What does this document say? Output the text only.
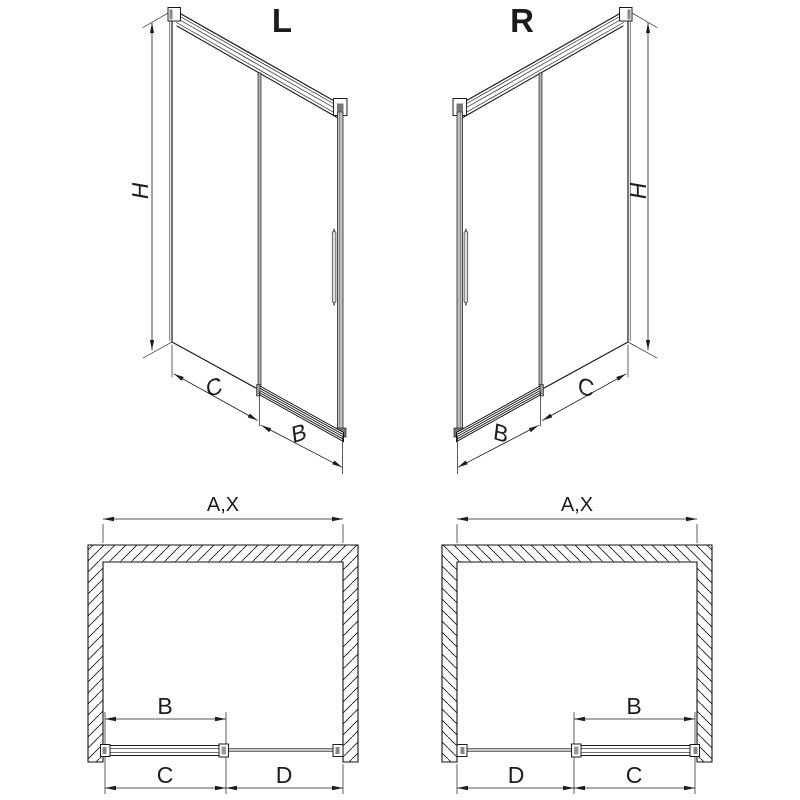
L
H
C
B
R
H
C
B
A,X
B
C	D
A,X
B
D	C
